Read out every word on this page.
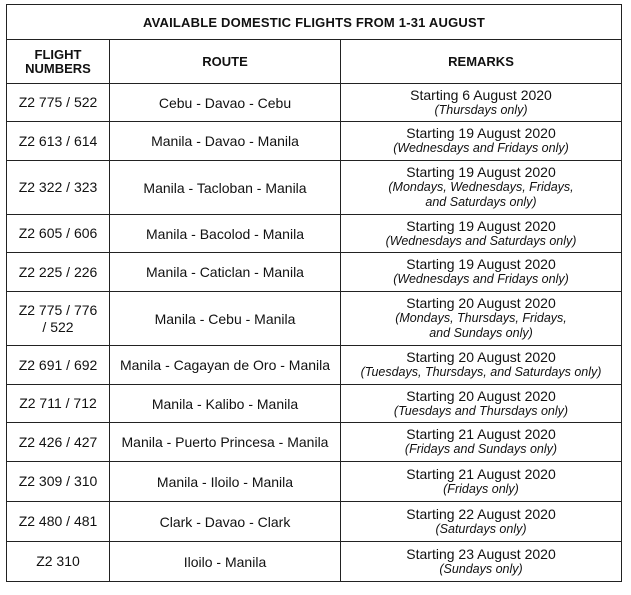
AVAILABLE DOMESTIC FLIGHTS FROM 1-31 AUGUST		
FLIGHT
NUMBERS	ROUTE	REMARKS
Z2 775 / 522	Cebu - Davao - Cebu	Starting 6 August 2020
(Thursdays only)

Z2 613 / 614	Manila - Davao - Manila	Starting 19 August 2020
(Wednesdays and Fridays only)

Z2 322 / 323	Manila - Tacloban - Manila	Starting 19 August 2020
(Mondays, Wednesdays, Fridays,
and Saturdays only)

Z2 605 / 606	Manila - Bacolod - Manila	Starting 19 August 2020
(Wednesdays and Saturdays only)

Z2 225 / 226	Manila - Caticlan - Manila	Starting 19 August 2020
(Wednesdays and Fridays only)

Z2 775 / 776
/ 522	Manila - Cebu - Manila	Starting 20 August 2020
(Mondays, Thursdays, Fridays,
and Sundays only)

Z2 691 / 692	Manila - Cagayan de Oro - Manila	Starting 20 August 2020
(Tuesdays, Thursdays, and Saturdays only)

Z2 711 / 712	Manila - Kalibo - Manila	Starting 20 August 2020
(Tuesdays and Thursdays only)

Z2 426 / 427	Manila - Puerto Princesa - Manila	Starting 21 August 2020
(Fridays and Sundays only)

Z2 309 / 310	Manila - Iloilo - Manila	Starting 21 August 2020
(Fridays only)

Z2 480 / 481	Clark - Davao - Clark	Starting 22 August 2020
(Saturdays only)

Z2 310	Iloilo - Manila	Starting 23 August 2020
(Sundays only)
